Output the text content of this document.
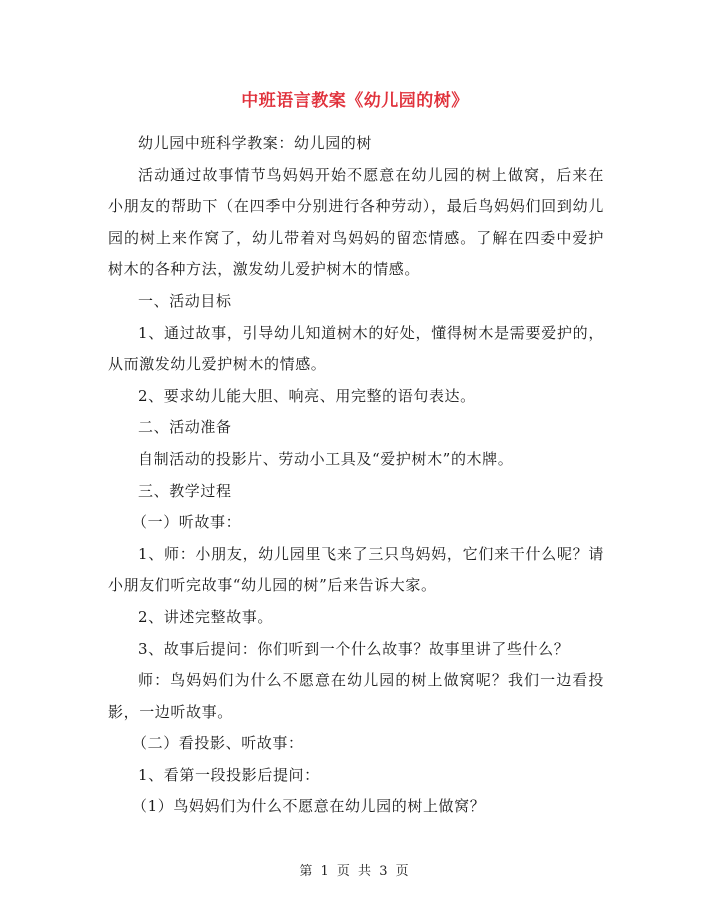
中班语言教案《幼儿园的树》

幼儿园中班科学教案：幼儿园的树

活动通过故事情节鸟妈妈开始不愿意在幼儿园的树上做窝，后来在小朋友的帮助下（在四季中分别进行各种劳动），最后鸟妈妈们回到幼儿园的树上来作窝了，幼儿带着对鸟妈妈的留恋情感。了解在四委中爱护树木的各种方法，激发幼儿爱护树木的情感。

一、活动目标

1、通过故事，引导幼儿知道树木的好处，懂得树木是需要爱护的，从而激发幼儿爱护树木的情感。

2、要求幼儿能大胆、响亮、用完整的语句表达。

二、活动准备

自制活动的投影片、劳动小工具及“爱护树木”的木牌。

三、教学过程

（一）听故事：

1、师：小朋友，幼儿园里飞来了三只鸟妈妈，它们来干什么呢？请小朋友们听完故事“幼儿园的树”后来告诉大家。

2、讲述完整故事。

3、故事后提问：你们听到一个什么故事？故事里讲了些什么？

师：鸟妈妈们为什么不愿意在幼儿园的树上做窝呢？我们一边看投影，一边听故事。

（二）看投影、听故事：

1、看第一段投影后提问：

（1）鸟妈妈们为什么不愿意在幼儿园的树上做窝？

第 1 页 共 3 页
